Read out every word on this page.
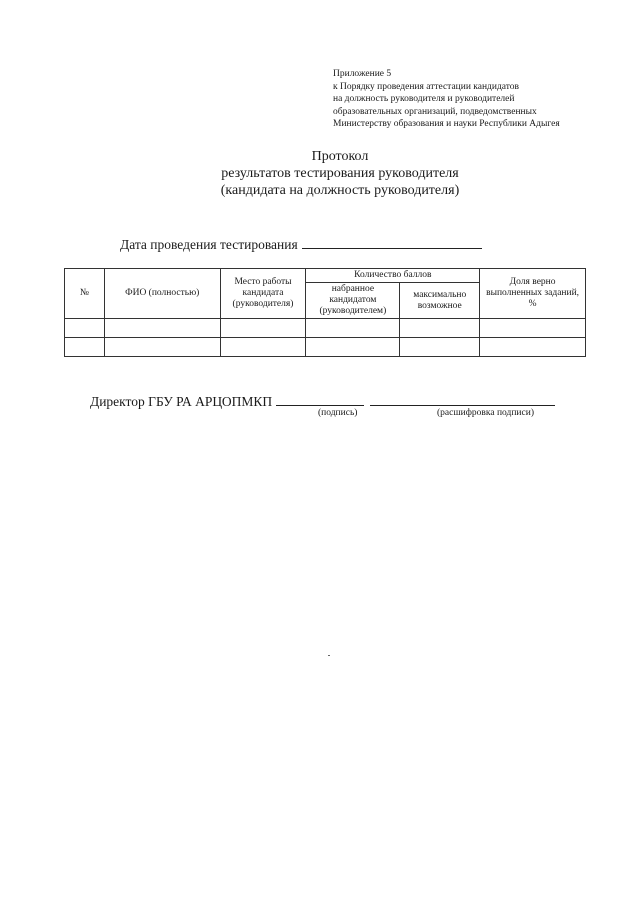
Приложение 5
к Порядку проведения аттестации кандидатов
на должность руководителя и руководителей
образовательных организаций, подведомственных
Министерству образования и науки Республики Адыгея
Протокол
результатов тестирования руководителя
(кандидата на должность руководителя)
Дата проведения тестирования
№	ФИО (полностью)	Место работы кандидата (руководителя)	Количество баллов		Доля верно выполненных заданий, %
			набранное кандидатом (руководителем)	максимально возможное	

Директор ГБУ РА АРЦОПМКП
(подпись)	(расшифровка подписи)
